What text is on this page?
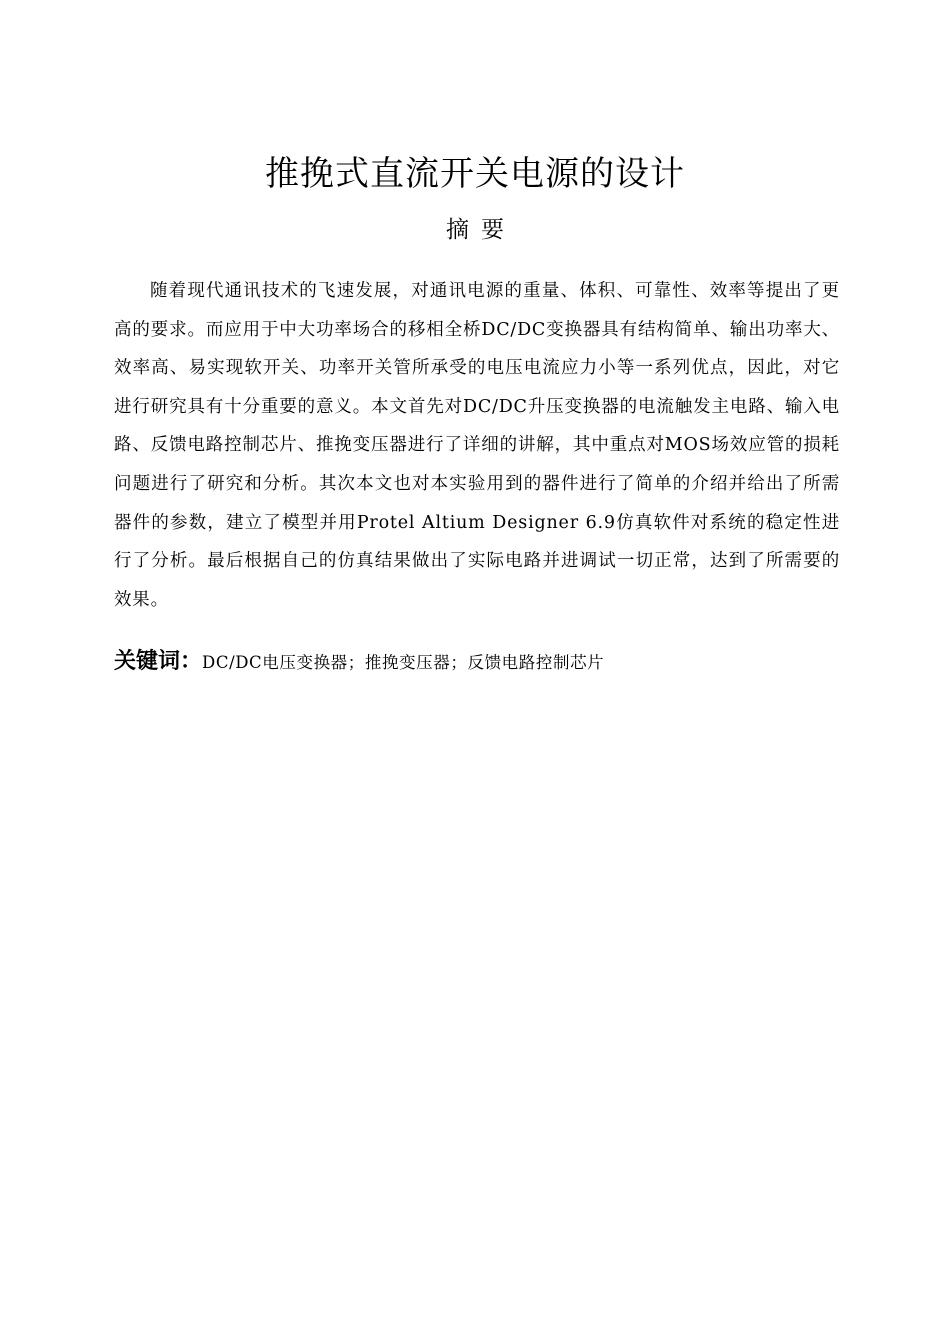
推挽式直流开关电源的设计
摘要

随着现代通讯技术的飞速发展，对通讯电源的重量、体积、可靠性、效率等提出了更高的要求。而应用于中大功率场合的移相全桥DC/DC变换器具有结构简单、输出功率大、效率高、易实现软开关、功率开关管所承受的电压电流应力小等一系列优点，因此，对它进行研究具有十分重要的意义。本文首先对DC/DC升压变换器的电流触发主电路、输入电路、反馈电路控制芯片、推挽变压器进行了详细的讲解，其中重点对MOS场效应管的损耗问题进行了研究和分析。其次本文也对本实验用到的器件进行了简单的介绍并给出了所需器件的参数，建立了模型并用Protel Altium Designer 6.9仿真软件对系统的稳定性进行了分析。最后根据自己的仿真结果做出了实际电路并进调试一切正常，达到了所需要的效果。

关键词：DC/DC电压变换器；推挽变压器；反馈电路控制芯片
